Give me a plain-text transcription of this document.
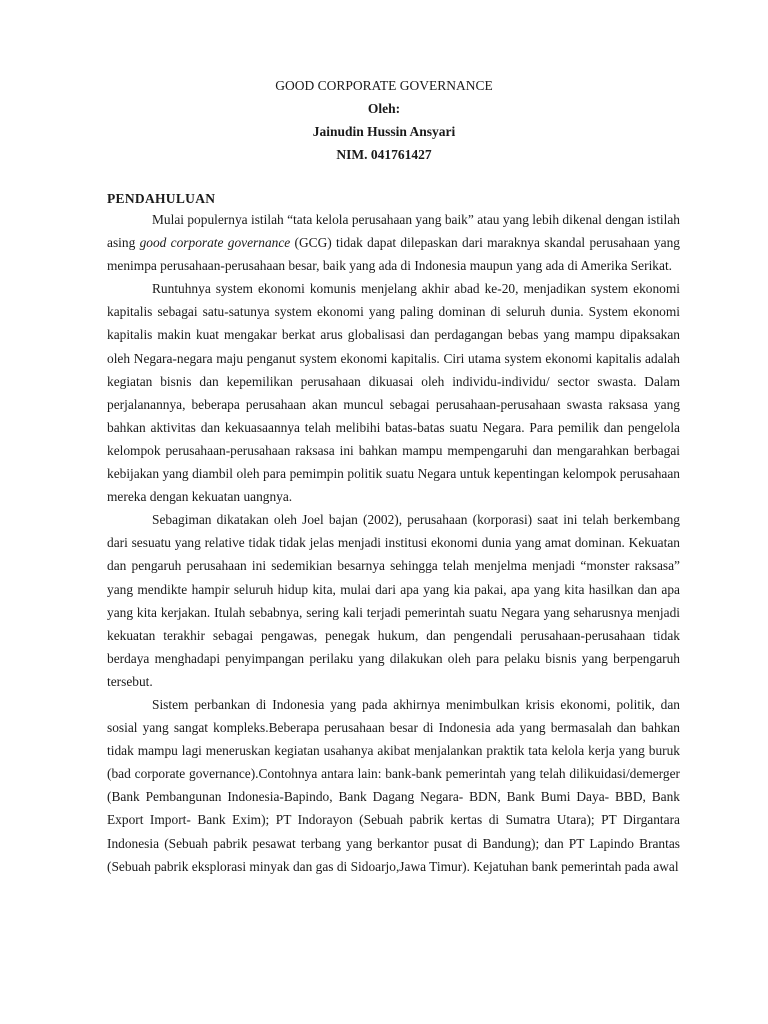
GOOD CORPORATE GOVERNANCE
Oleh:
Jainudin Hussin Ansyari
NIM. 041761427
PENDAHULUAN

Mulai populernya istilah “tata kelola perusahaan yang baik” atau yang lebih dikenal dengan istilah asing good corporate governance (GCG) tidak dapat dilepaskan dari maraknya skandal perusahaan yang menimpa perusahaan-perusahaan besar, baik yang ada di Indonesia maupun yang ada di Amerika Serikat.

Runtuhnya system ekonomi komunis menjelang akhir abad ke-20, menjadikan system ekonomi kapitalis sebagai satu-satunya system ekonomi yang paling dominan di seluruh dunia. System ekonomi kapitalis makin kuat mengakar berkat arus globalisasi dan perdagangan bebas yang mampu dipaksakan oleh Negara-negara maju penganut system ekonomi kapitalis. Ciri utama system ekonomi kapitalis adalah kegiatan bisnis dan kepemilikan perusahaan dikuasai oleh individu-individu/ sector swasta. Dalam perjalanannya, beberapa perusahaan akan muncul sebagai perusahaan-perusahaan swasta raksasa yang bahkan aktivitas dan kekuasaannya telah melibihi batas-batas suatu Negara. Para pemilik dan pengelola kelompok perusahaan-perusahaan raksasa ini bahkan mampu mempengaruhi dan mengarahkan berbagai kebijakan yang diambil oleh para pemimpin politik suatu Negara untuk kepentingan kelompok perusahaan mereka dengan kekuatan uangnya.

Sebagiman dikatakan oleh Joel bajan (2002), perusahaan (korporasi) saat ini telah berkembang dari sesuatu yang relative tidak tidak jelas menjadi institusi ekonomi dunia yang amat dominan. Kekuatan dan pengaruh perusahaan ini sedemikian besarnya sehingga telah menjelma menjadi “monster raksasa” yang mendikte hampir seluruh hidup kita, mulai dari apa yang kia pakai, apa yang kita hasilkan dan apa yang kita kerjakan. Itulah sebabnya, sering kali terjadi pemerintah suatu Negara yang seharusnya menjadi kekuatan terakhir sebagai pengawas, penegak hukum, dan pengendali perusahaan-perusahaan tidak berdaya menghadapi penyimpangan perilaku yang dilakukan oleh para pelaku bisnis yang berpengaruh tersebut.

Sistem perbankan di Indonesia yang pada akhirnya menimbulkan krisis ekonomi, politik, dan sosial yang sangat kompleks.Beberapa perusahaan besar di Indonesia ada yang bermasalah dan bahkan tidak mampu lagi meneruskan kegiatan usahanya akibat menjalankan praktik tata kelola kerja yang buruk (bad corporate governance).Contohnya antara lain: bank-bank pemerintah yang telah dilikuidasi/demerger (Bank Pembangunan Indonesia-Bapindo, Bank Dagang Negara- BDN, Bank Bumi Daya- BBD, Bank Export Import- Bank Exim); PT Indorayon (Sebuah pabrik kertas di Sumatra Utara); PT Dirgantara Indonesia (Sebuah pabrik pesawat terbang yang berkantor pusat di Bandung); dan PT Lapindo Brantas (Sebuah pabrik eksplorasi minyak dan gas di Sidoarjo,Jawa Timur). Kejatuhan bank pemerintah pada awal
